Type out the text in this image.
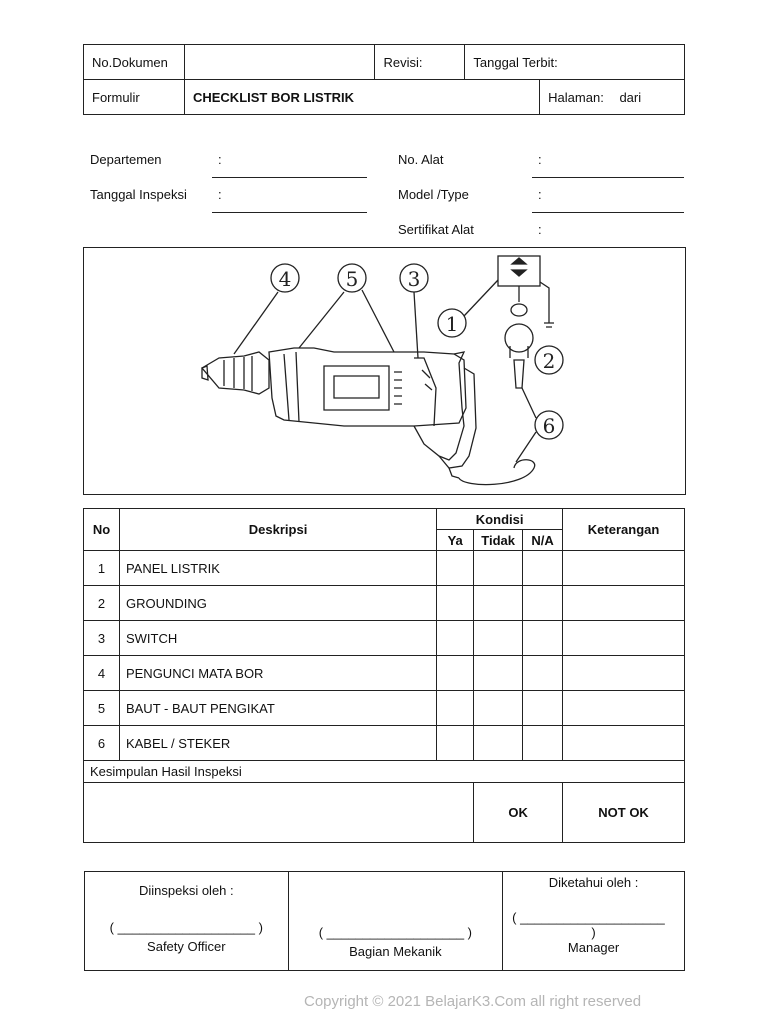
No.Dokumen		Revisi:	Tanggal Terbit:	
Formulir	CHECKLIST BOR LISTRIK			Halaman: dari
Departemen	:
Tanggal Inspeksi :
No. Alat	:
Model /Type	:
Sertifikat Alat	:
4	5 3
1
2
6
No	Deskripsi	Kondisi			Keterangan
		Ya	Tidak	N/A	
1	PANEL LISTRIK				
2	GROUNDING				
3	SWITCH				
4	PENGUNCI MATA BOR				
5	BAUT - BAUT PENGIKAT				
6	KABEL / STEKER				
Kesimpulan Hasil Inspeksi					
			OK		NOT OK
Diinspeksi oleh :
( ___________________ )
Safety Officer

( ___________________ )
Bagian Mekanik

Diketahui oleh :
( ____________________
)
Manager
Copyright © 2021 BelajarK3.Com all right reserved
